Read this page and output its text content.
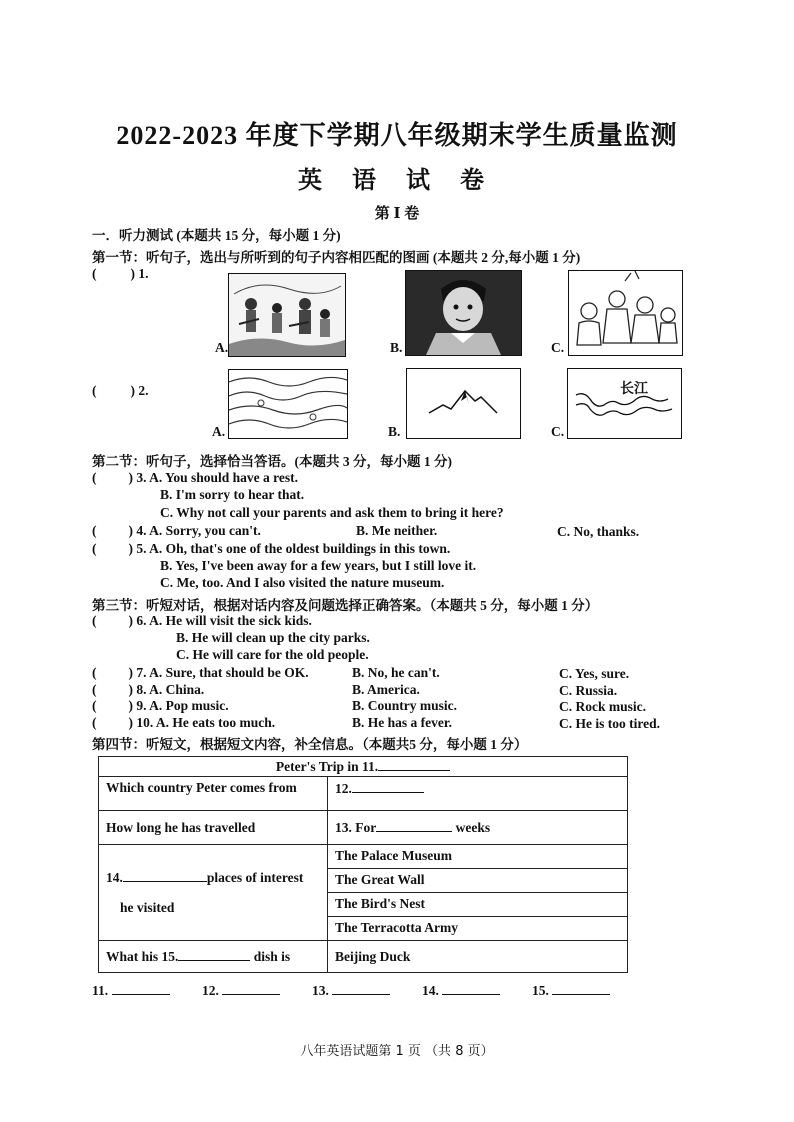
2022-2023 年度下学期八年级期末学生质量监测
英 语 试 卷
第 Ⅰ 卷
一．听力测试 (本题共 15 分，每小题 1 分)
第一节：听句子，选出与所听到的句子内容相匹配的图画 (本题共 2 分,每小题 1 分)
(	) 1.
A.	B.	C.
(	) 2.
A.	B.	C.
长江
第二节：听句子，选择恰当答语。(本题共 3 分，每小题 1 分)
( ) 3. A. You should have a rest.
B. I'm sorry to hear that.
C. Why not call your parents and ask them to bring it here?
( ) 4. A. Sorry, you can't.	B. Me neither.	C. No, thanks.
( ) 5. A. Oh, that's one of the oldest buildings in this town.
B. Yes, I've been away for a few years, but I still love it.
C. Me, too. And I also visited the nature museum.
第三节：听短对话，根据对话内容及问题选择正确答案。（本题共 5 分，每小题 1 分）
( ) 6. A. He will visit the sick kids.
B. He will clean up the city parks.
C. He will care for the old people.
( ) 7. A. Sure, that should be OK.	B. No, he can't.	C. Yes, sure.
( ) 8. A. China.	B. America.	C. Russia.
( ) 9. A. Pop music.	B. Country music.	C. Rock music.
( ) 10. A. He eats too much.	B. He has a fever.	C. He is too tired.
第四节：听短文，根据短文内容，补全信息。（本题共5 分，每小题 1 分）
Peter's Trip in 11.	
Which country Peter comes from	12.
How long he has travelled	13. For weeks

14. places of interest
he visited	The Palace Museum
	The Great Wall
	The Bird's Nest
	The Terracotta Army
What his 15. dish is	Beijing Duck
11.	12.	13.	14.	15.
八年英语试题第 1 页 （共 8 页）
